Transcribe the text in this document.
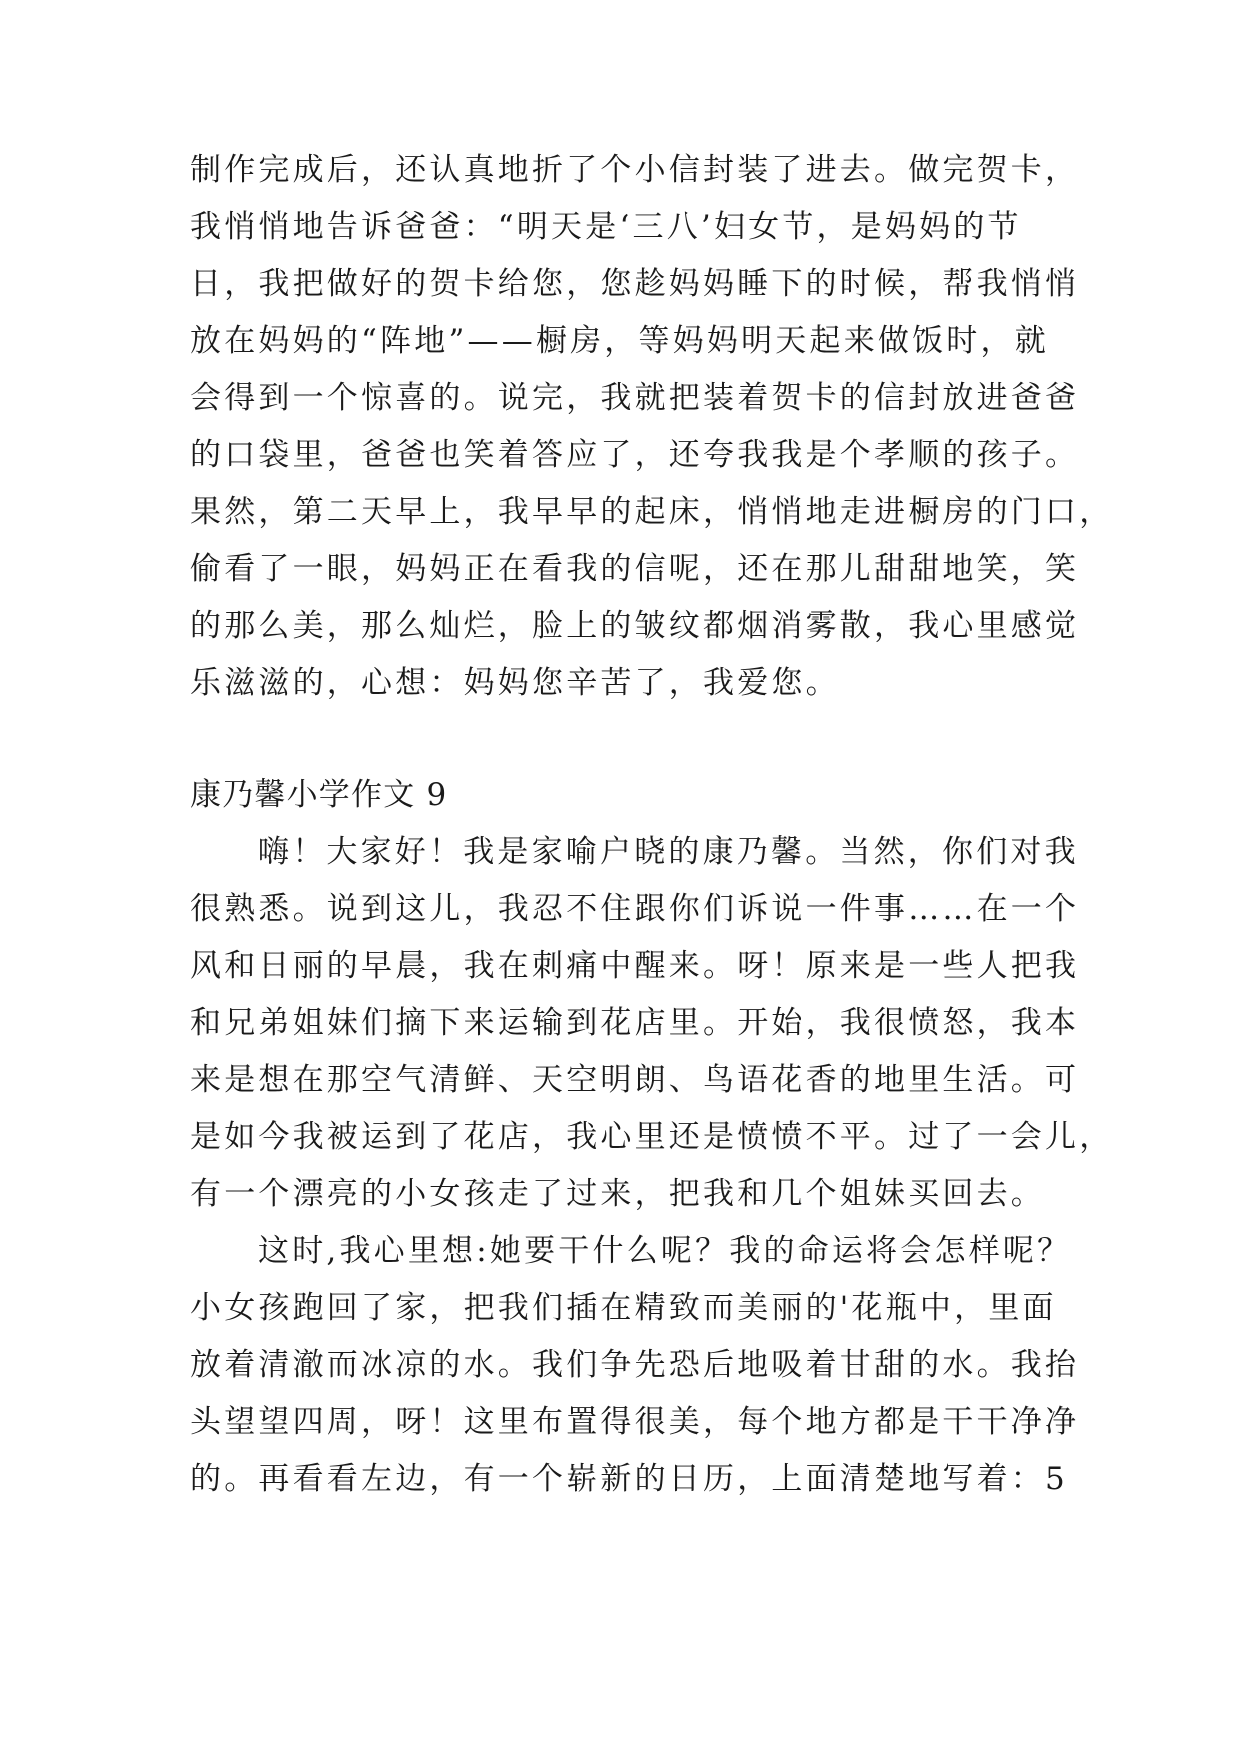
制作完成后，还认真地折了个小信封装了进去。做完贺卡，
我悄悄地告诉爸爸：“明天是‘三八’妇女节，是妈妈的节
日，我把做好的贺卡给您，您趁妈妈睡下的时候，帮我悄悄
放在妈妈的“阵地”——橱房，等妈妈明天起来做饭时，就
会得到一个惊喜的。说完，我就把装着贺卡的信封放进爸爸
的口袋里，爸爸也笑着答应了，还夸我我是个孝顺的孩子。
果然，第二天早上，我早早的起床，悄悄地走进橱房的门口，
偷看了一眼，妈妈正在看我的信呢，还在那儿甜甜地笑，笑
的那么美，那么灿烂，脸上的皱纹都烟消雾散，我心里感觉
乐滋滋的，心想：妈妈您辛苦了，我爱您。
康乃馨小学作文 9
嗨！大家好！我是家喻户晓的康乃馨。当然，你们对我
很熟悉。说到这儿，我忍不住跟你们诉说一件事……在一个
风和日丽的早晨，我在刺痛中醒来。呀！原来是一些人把我
和兄弟姐妹们摘下来运输到花店里。开始，我很愤怒，我本
来是想在那空气清鲜、天空明朗、鸟语花香的地里生活。可
是如今我被运到了花店，我心里还是愤愤不平。过了一会儿，
有一个漂亮的小女孩走了过来，把我和几个姐妹买回去。
这时,我心里想:她要干什么呢？我的命运将会怎样呢？
小女孩跑回了家，把我们插在精致而美丽的'花瓶中，里面
放着清澈而冰凉的水。我们争先恐后地吸着甘甜的水。我抬
头望望四周，呀！这里布置得很美，每个地方都是干干净净
的。再看看左边，有一个崭新的日历，上面清楚地写着：5
